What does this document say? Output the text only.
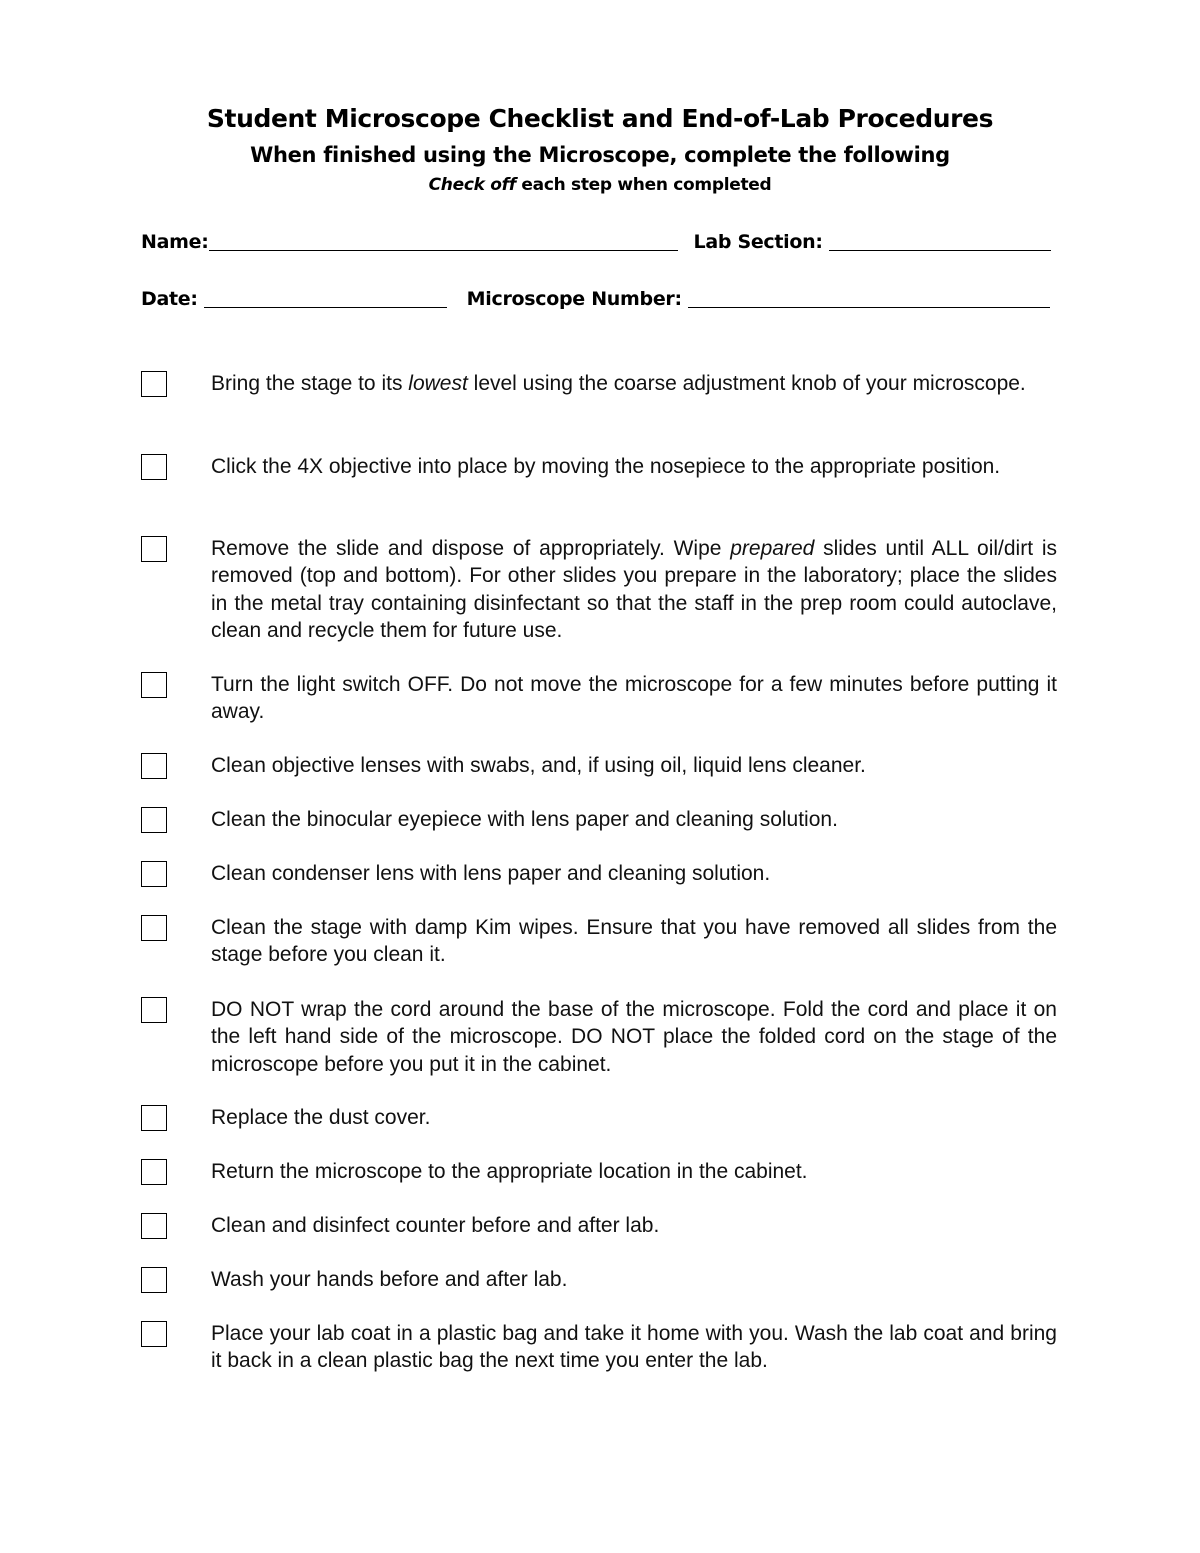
Student Microscope Checklist and End-of-Lab Procedures
When finished using the Microscope, complete the following
Check off each step when completed
Name:	Lab Section:
Date:	Microscope Number:
Bring the stage to its lowest level using the coarse adjustment knob of your microscope.
Click the 4X objective into place by moving the nosepiece to the appropriate position.
Remove the slide and dispose of appropriately. Wipe prepared slides until ALL oil/dirt is removed (top and bottom). For other slides you prepare in the laboratory; place the slides in the metal tray containing disinfectant so that the staff in the prep room could autoclave, clean and recycle them for future use.
Turn the light switch OFF. Do not move the microscope for a few minutes before putting it away.
Clean objective lenses with swabs, and, if using oil, liquid lens cleaner.
Clean the binocular eyepiece with lens paper and cleaning solution.
Clean condenser lens with lens paper and cleaning solution.
Clean the stage with damp Kim wipes. Ensure that you have removed all slides from the stage before you clean it.
DO NOT wrap the cord around the base of the microscope. Fold the cord and place it on the left hand side of the microscope. DO NOT place the folded cord on the stage of the microscope before you put it in the cabinet.
Replace the dust cover.
Return the microscope to the appropriate location in the cabinet.
Clean and disinfect counter before and after lab.
Wash your hands before and after lab.
Place your lab coat in a plastic bag and take it home with you. Wash the lab coat and bring it back in a clean plastic bag the next time you enter the lab.
